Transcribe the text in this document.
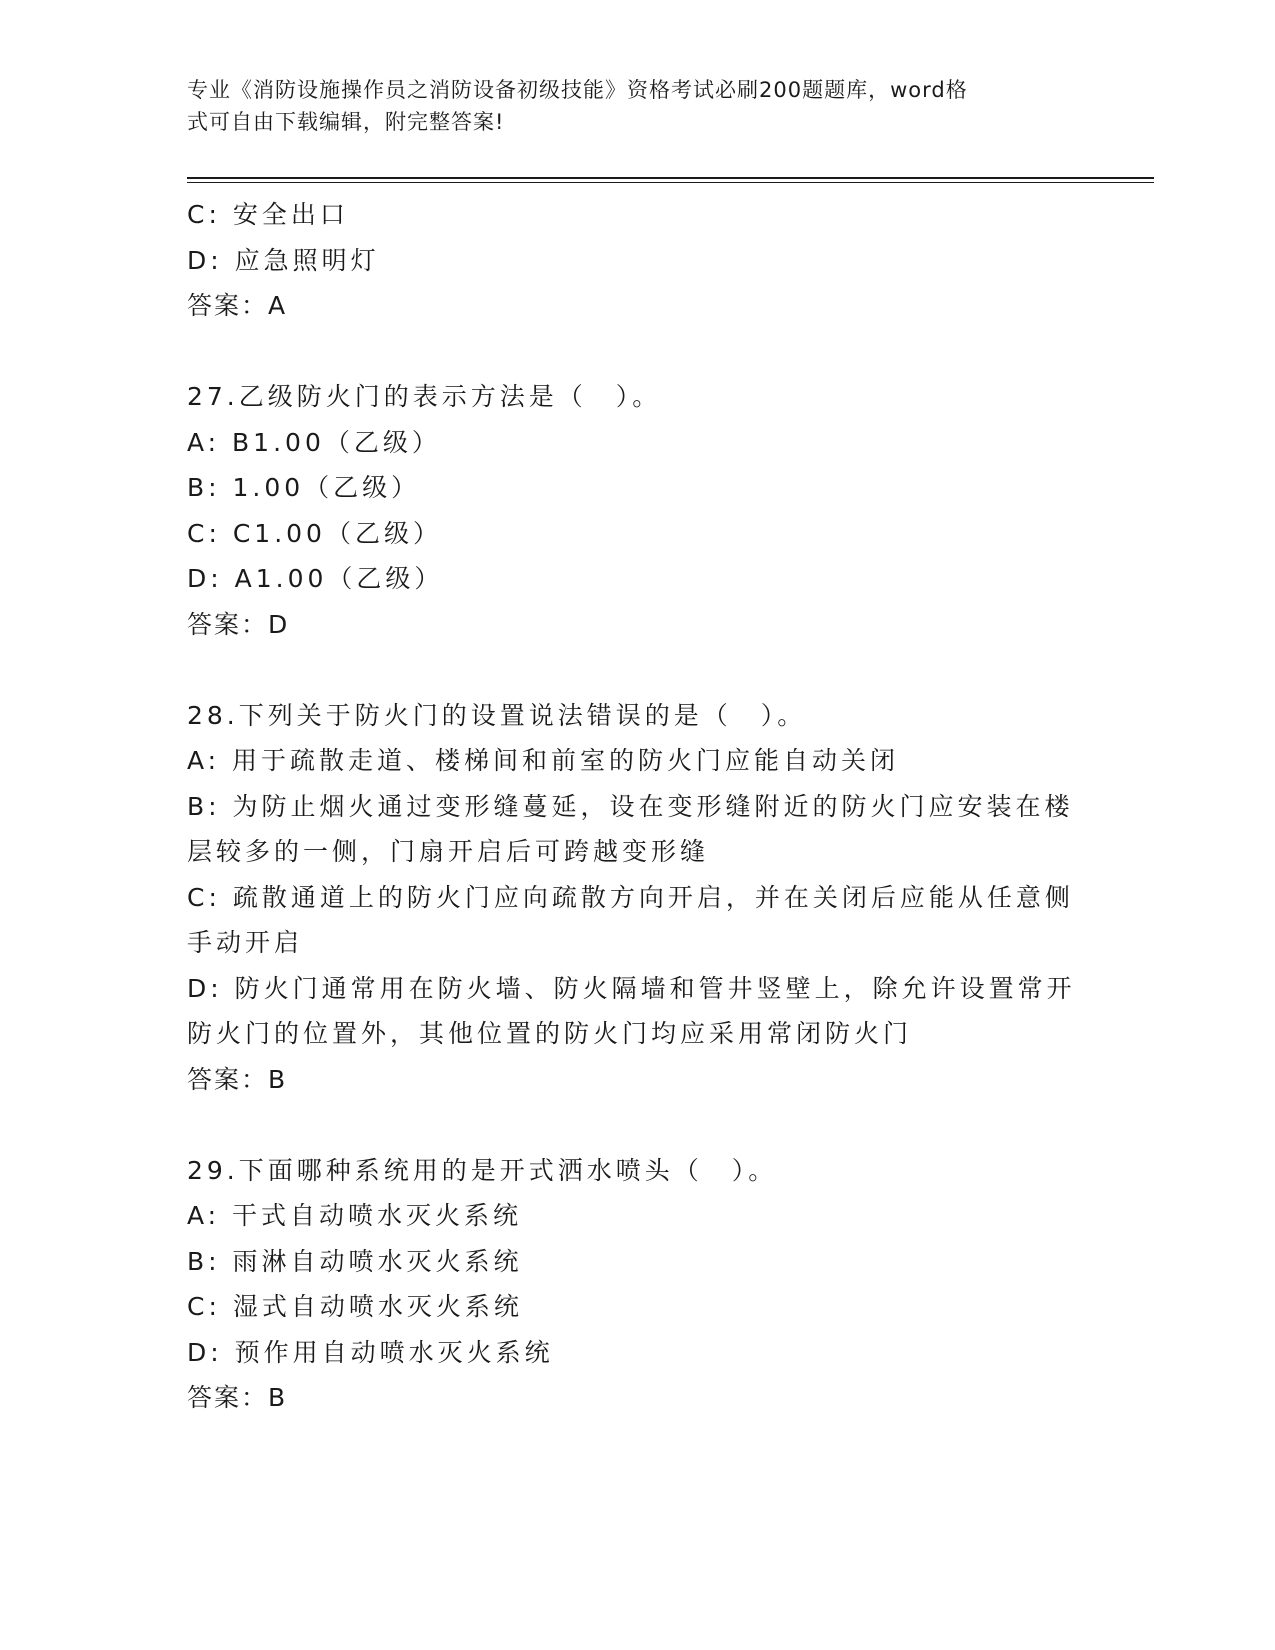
专业《消防设施操作员之消防设备初级技能》资格考试必刷200题题库，word格
式可自由下载编辑，附完整答案!
C: 安全出口
D: 应急照明灯
答案：A
27.乙级防火门的表示方法是（　）。
A: B1.00（乙级）
B: 1.00（乙级）
C: C1.00（乙级）
D: A1.00（乙级）
答案：D
28.下列关于防火门的设置说法错误的是（　）。
A: 用于疏散走道、楼梯间和前室的防火门应能自动关闭
B: 为防止烟火通过变形缝蔓延，设在变形缝附近的防火门应安装在楼
层较多的一侧，门扇开启后可跨越变形缝
C: 疏散通道上的防火门应向疏散方向开启，并在关闭后应能从任意侧
手动开启
D: 防火门通常用在防火墙、防火隔墙和管井竖壁上，除允许设置常开
防火门的位置外，其他位置的防火门均应采用常闭防火门
答案：B
29.下面哪种系统用的是开式洒水喷头（　）。
A: 干式自动喷水灭火系统
B: 雨淋自动喷水灭火系统
C: 湿式自动喷水灭火系统
D: 预作用自动喷水灭火系统
答案：B
